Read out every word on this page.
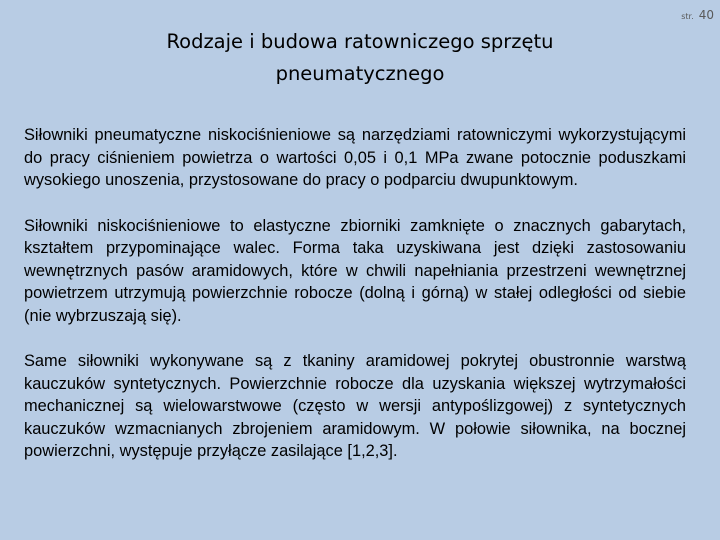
str. 40
Rodzaje i budowa ratowniczego sprzętu pneumatycznego

Siłowniki pneumatyczne niskociśnieniowe są narzędziami ratowniczymi wykorzystującymi do pracy ciśnieniem powietrza o wartości 0,05 i 0,1 MPa zwane potocznie poduszkami wysokiego unoszenia, przystosowane do pracy o podparciu dwupunktowym.

Siłowniki niskociśnieniowe to elastyczne zbiorniki zamknięte o znacznych gabarytach, kształtem przypominające walec. Forma taka uzyskiwana jest dzięki zastosowaniu wewnętrznych pasów aramidowych, które w chwili napełniania przestrzeni wewnętrznej powietrzem utrzymują powierzchnie robocze (dolną i górną) w stałej odległości od siebie (nie wybrzuszają się).

Same siłowniki wykonywane są z tkaniny aramidowej pokrytej obustronnie warstwą kauczuków syntetycznych. Powierzchnie robocze dla uzyskania większej wytrzymałości mechanicznej są wielowarstwowe (często w wersji antypoślizgowej) z syntetycznych kauczuków wzmacnianych zbrojeniem aramidowym. W połowie siłownika, na bocznej powierzchni, występuje przyłącze zasilające [1,2,3].
